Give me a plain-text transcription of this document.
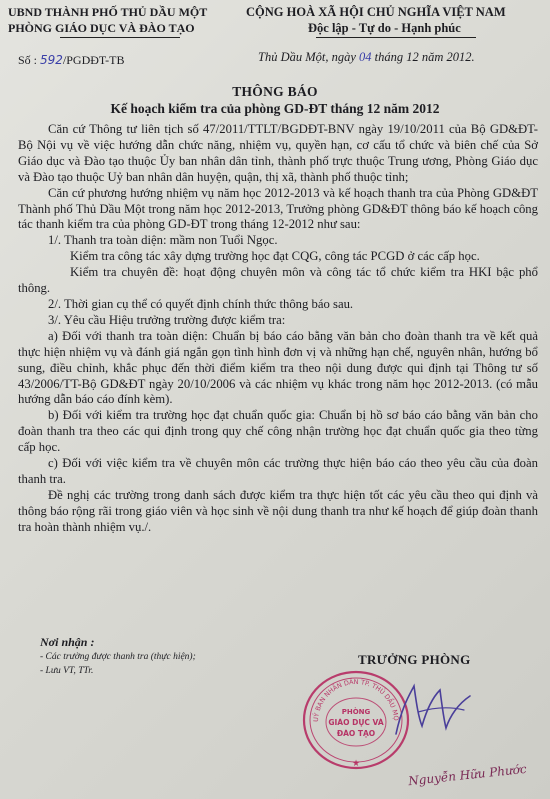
UBND THÀNH PHỐ THỦ DẦU MỘT
PHÒNG GIÁO DỤC VÀ ĐÀO TẠO
CỘNG HOÀ XÃ HỘI CHỦ NGHĨA VIỆT NAM
Độc lập - Tự do - Hạnh phúc
Số : 592/PGDĐT-TB	Thủ Dầu Một, ngày 04 tháng 12 năm 2012.
THÔNG BÁO
Kế hoạch kiểm tra của phòng GD-ĐT tháng 12 năm 2012

Căn cứ Thông tư liên tịch số 47/2011/TTLT/BGDĐT-BNV ngày 19/10/2011 của Bộ GD&ĐT-Bộ Nội vụ về việc hướng dẫn chức năng, nhiệm vụ, quyền hạn, cơ cấu tổ chức và biên chế của Sở Giáo dục và Đào tạo thuộc Ủy ban nhân dân tỉnh, thành phố trực thuộc Trung ương, Phòng Giáo dục và Đào tạo thuộc Uỷ ban nhân dân huyện, quận, thị xã, thành phố thuộc tỉnh;

Căn cứ phương hướng nhiệm vụ năm học 2012-2013 và kế hoạch thanh tra của Phòng GD&ĐT Thành phố Thủ Dầu Một trong năm học 2012-2013, Trưởng phòng GD&ĐT thông báo kế hoạch công tác thanh kiểm tra của phòng GD-ĐT trong tháng 12-2012 như sau:

1/. Thanh tra toàn diện: mầm non Tuổi Ngọc.

Kiểm tra công tác xây dựng trường học đạt CQG, công tác PCGD ở các cấp học.

Kiểm tra chuyên đề: hoạt động chuyên môn và công tác tổ chức kiểm tra HKI bậc phổ thông.

2/. Thời gian cụ thể có quyết định chính thức thông báo sau.

3/. Yêu cầu Hiệu trưởng trường được kiểm tra:

a) Đối với thanh tra toàn diện: Chuẩn bị báo cáo bằng văn bản cho đoàn thanh tra về kết quả thực hiện nhiệm vụ và đánh giá ngắn gọn tình hình đơn vị và những hạn chế, nguyên nhân, hướng bổ sung, điều chỉnh, khắc phục đến thời điểm kiểm tra theo nội dung được qui định tại Thông tư số 43/2006/TT-Bộ GD&ĐT ngày 20/10/2006 và các nhiệm vụ khác trong năm học 2012-2013. (có mẫu hướng dẫn báo cáo đính kèm).

b) Đối với kiểm tra trường học đạt chuẩn quốc gia: Chuẩn bị hồ sơ báo cáo bằng văn bản cho đoàn thanh tra theo các qui định trong quy chế công nhận trường học đạt chuẩn quốc gia theo từng cấp học.

c) Đối với việc kiểm tra về chuyên môn các trường thực hiện báo cáo theo yêu cầu của đoàn thanh tra.

Đề nghị các trường trong danh sách được kiểm tra thực hiện tốt các yêu cầu theo qui định và thông báo rộng rãi trong giáo viên và học sinh về nội dung thanh tra như kế hoạch để giúp đoàn thanh tra hoàn thành nhiệm vụ./.

Nơi nhận :
- Các trường được thanh tra (thực hiện);
- Lưu VT, TTr.
TRƯỞNG PHÒNG
UỶ BAN NHÂN DÂN TP. THỦ DẦU MỘ
PHÒNG
GIÁO DỤC VÀ
ĐÀO TẠO
★	Nguyễn Hữu Phước
